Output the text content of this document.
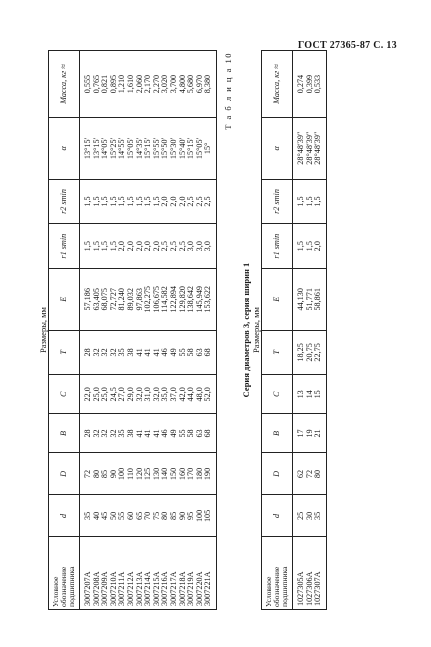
ГОСТ 27365-87 С. 13
Размеры, мм
Условное обозначение подшипника	d	D	B	C	T	E	r1 smin	r2 smin	α	Масса, кг ≈
3007207А	35	72	28	22,0	28	57,186	1,5	1,5	13°15ʹ	0,555
3007208А	40	80	32	25,0	32	63,405	1,5	1,5	13°15ʹ	0,765
3007209А	45	85	32	25,0	32	68,075	1,5	1,5	14°05ʹ	0,821
3007210А	50	90	32	24,5	32	72,727	1,5	1,5	15°25ʹ	0,895
3007211А	55	100	35	27,0	35	81,240	2,0	1,5	14°55ʹ	1,210
3007212А	60	110	38	29,0	38	89,032	2,0	1,5	15°05ʹ	1,610
3007213А	65	120	41	32,0	41	97,863	2,0	1,5	14°35ʹ	2,060
3007214А	70	125	41	31,0	41	102,275	2,0	1,5	15°15ʹ	2,170
3007215А	75	130	41	32,0	41	106,675	2,0	1,5	15°55ʹ	2,270
3007216А	80	140	46	35,0	46	114,582	2,5	2,0	15°50ʹ	3,020
3007217А	85	150	49	37,0	49	122,894	2,5	2,0	15°30ʹ	3,700
3007218А	90	160	55	42,0	55	129,820	2,5	2,0	15°40ʹ	4,800
3007219А	95	170	58	44,0	58	138,642	3,0	2,5	15°15ʹ	5,680
3007220А	100	180	63	48,0	63	145,949	3,0	2,5	15°05ʹ	6,970
3007221А	105	190	68	52,0	68	153,622	3,0	2,5	15°	8,380 Т а б л и ц а 10
Серия диаметров 3, серия ширин 1 Размеры, мм
Условное обозначение подшипника	d	D	B	C	T	E	r1 smin	r2 smin	α	Масса, кг ≈
1027305А	25	62	17	13	18,25	44,130	1,5	1,5	28°48ʹ39ʺ	0,274
1027306А	30	72	19	14	20,75	51,771	1,5	1,5	28°48ʹ39ʺ	0,399
1027307А	35	80	21	15	22,75	58,861	2,0	1,5	28°48ʹ39ʺ	0,533
